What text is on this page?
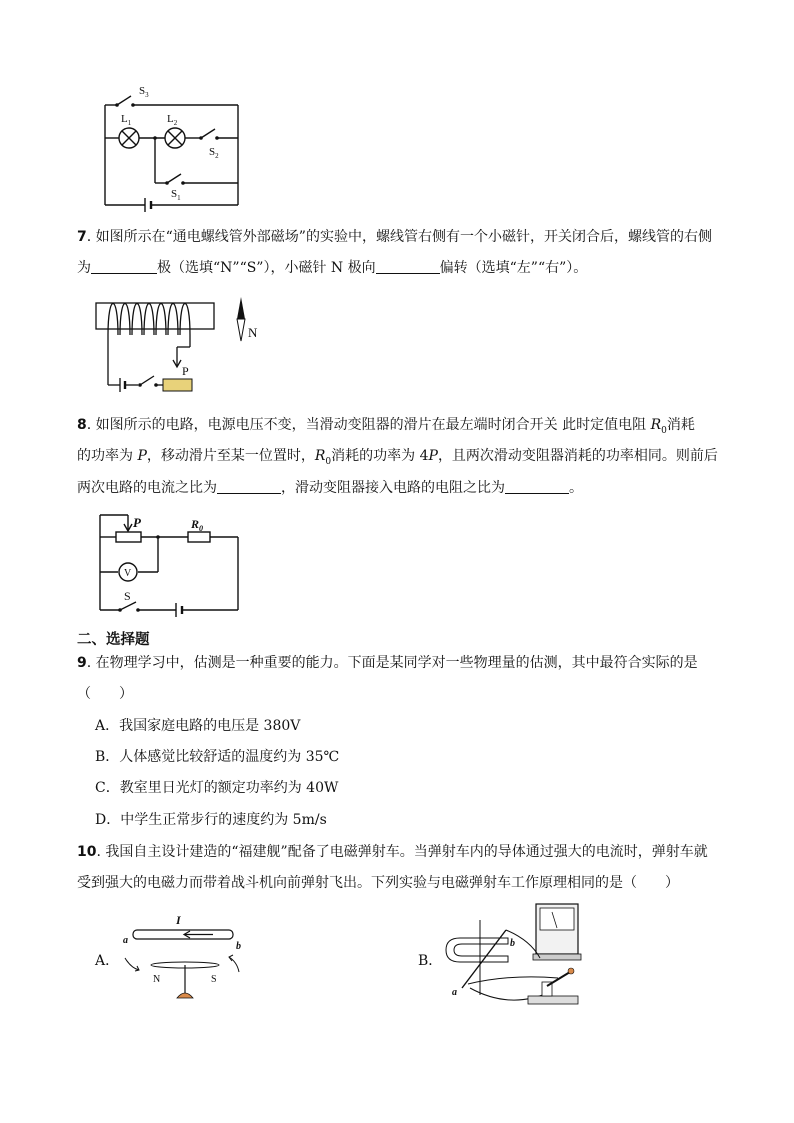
$S_3$
$L_1$	$L_2$
$S_2$
$S_1$
7. 如图所示在“通电螺线管外部磁场”的实验中，螺线管右侧有一个小磁针，开关闭合后，螺线管的右侧
为	极（选填“N”“S”），小磁针 N 极向	偏转（选填“左”“右”）。
N
P
8. 如图所示的电路，电源电压不变，当滑动变阻器的滑片在最左端时闭合开关 此时定值电阻 $R_0$消耗
的功率为 P，移动滑片至某一位置时，$R_0$消耗的功率为 4P，且两次滑动变阻器消耗的功率相同。则前后
两次电路的电流之比为	，滑动变阻器接入电路的电阻之比为	。
P	$R_0$
V
S
二、选择题
9. 在物理学习中，估测是一种重要的能力。下面是某同学对一些物理量的估测，其中最符合实际的是
（　　）
A．我国家庭电路的电压是 380V
B．人体感觉比较舒适的温度约为 35℃
C．教室里日光灯的额定功率约为 40W
D．中学生正常步行的速度约为 5m/s
10. 我国自主设计建造的“福建舰”配备了电磁弹射车。当弹射车内的导体通过强大的电流时，弹射车就
受到强大的电磁力而带着战斗机向前弹射飞出。下列实验与电磁弹射车工作原理相同的是（　　）
A．
I
a
b
N	S
B．
b
a
